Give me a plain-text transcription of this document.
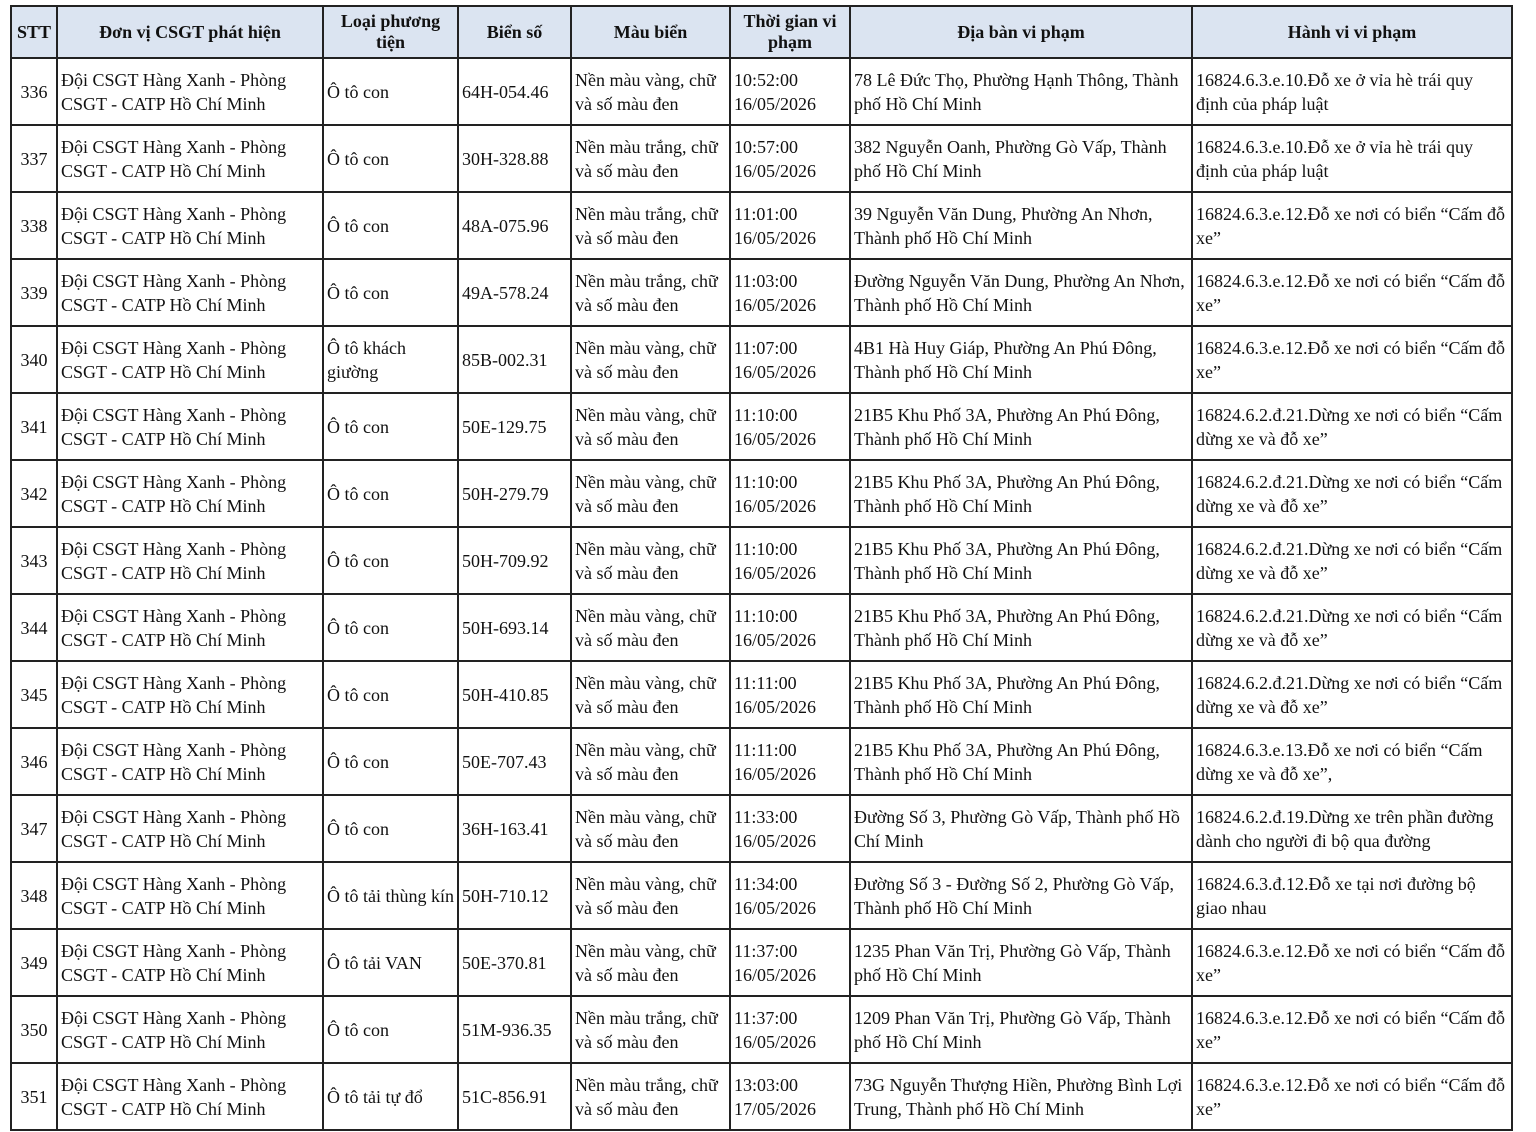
STT	Đơn vị CSGT phát hiện	Loại phương tiện	Biển số	Màu biển	Thời gian vi phạm	Địa bàn vi phạm	Hành vi vi phạm
336	Đội CSGT Hàng Xanh - Phòng CSGT - CATP Hồ Chí Minh	Ô tô con	64H-054.46	Nền màu vàng, chữ và số màu đen	10:52:00 16/05/2026	78 Lê Đức Thọ, Phường Hạnh Thông, Thành phố Hồ Chí Minh	16824.6.3.e.10.Đỗ xe ở vỉa hè trái quy định của pháp luật
337	Đội CSGT Hàng Xanh - Phòng CSGT - CATP Hồ Chí Minh	Ô tô con	30H-328.88	Nền màu trắng, chữ và số màu đen	10:57:00 16/05/2026	382 Nguyễn Oanh, Phường Gò Vấp, Thành phố Hồ Chí Minh	16824.6.3.e.10.Đỗ xe ở vỉa hè trái quy định của pháp luật
338	Đội CSGT Hàng Xanh - Phòng CSGT - CATP Hồ Chí Minh	Ô tô con	48A-075.96	Nền màu trắng, chữ và số màu đen	11:01:00 16/05/2026	39 Nguyễn Văn Dung, Phường An Nhơn, Thành phố Hồ Chí Minh	16824.6.3.e.12.Đỗ xe nơi có biển “Cấm đỗ xe”
339	Đội CSGT Hàng Xanh - Phòng CSGT - CATP Hồ Chí Minh	Ô tô con	49A-578.24	Nền màu trắng, chữ và số màu đen	11:03:00 16/05/2026	Đường Nguyễn Văn Dung, Phường An Nhơn, Thành phố Hồ Chí Minh	16824.6.3.e.12.Đỗ xe nơi có biển “Cấm đỗ xe”
340	Đội CSGT Hàng Xanh - Phòng CSGT - CATP Hồ Chí Minh	Ô tô khách giường	85B-002.31	Nền màu vàng, chữ và số màu đen	11:07:00 16/05/2026	4B1 Hà Huy Giáp, Phường An Phú Đông, Thành phố Hồ Chí Minh	16824.6.3.e.12.Đỗ xe nơi có biển “Cấm đỗ xe”
341	Đội CSGT Hàng Xanh - Phòng CSGT - CATP Hồ Chí Minh	Ô tô con	50E-129.75	Nền màu vàng, chữ và số màu đen	11:10:00 16/05/2026	21B5 Khu Phố 3A, Phường An Phú Đông, Thành phố Hồ Chí Minh	16824.6.2.đ.21.Dừng xe nơi có biển “Cấm dừng xe và đỗ xe”
342	Đội CSGT Hàng Xanh - Phòng CSGT - CATP Hồ Chí Minh	Ô tô con	50H-279.79	Nền màu vàng, chữ và số màu đen	11:10:00 16/05/2026	21B5 Khu Phố 3A, Phường An Phú Đông, Thành phố Hồ Chí Minh	16824.6.2.đ.21.Dừng xe nơi có biển “Cấm dừng xe và đỗ xe”
343	Đội CSGT Hàng Xanh - Phòng CSGT - CATP Hồ Chí Minh	Ô tô con	50H-709.92	Nền màu vàng, chữ và số màu đen	11:10:00 16/05/2026	21B5 Khu Phố 3A, Phường An Phú Đông, Thành phố Hồ Chí Minh	16824.6.2.đ.21.Dừng xe nơi có biển “Cấm dừng xe và đỗ xe”
344	Đội CSGT Hàng Xanh - Phòng CSGT - CATP Hồ Chí Minh	Ô tô con	50H-693.14	Nền màu vàng, chữ và số màu đen	11:10:00 16/05/2026	21B5 Khu Phố 3A, Phường An Phú Đông, Thành phố Hồ Chí Minh	16824.6.2.đ.21.Dừng xe nơi có biển “Cấm dừng xe và đỗ xe”
345	Đội CSGT Hàng Xanh - Phòng CSGT - CATP Hồ Chí Minh	Ô tô con	50H-410.85	Nền màu vàng, chữ và số màu đen	11:11:00 16/05/2026	21B5 Khu Phố 3A, Phường An Phú Đông, Thành phố Hồ Chí Minh	16824.6.2.đ.21.Dừng xe nơi có biển “Cấm dừng xe và đỗ xe”
346	Đội CSGT Hàng Xanh - Phòng CSGT - CATP Hồ Chí Minh	Ô tô con	50E-707.43	Nền màu vàng, chữ và số màu đen	11:11:00 16/05/2026	21B5 Khu Phố 3A, Phường An Phú Đông, Thành phố Hồ Chí Minh	16824.6.3.e.13.Đỗ xe nơi có biển “Cấm dừng xe và đỗ xe”,
347	Đội CSGT Hàng Xanh - Phòng CSGT - CATP Hồ Chí Minh	Ô tô con	36H-163.41	Nền màu vàng, chữ và số màu đen	11:33:00 16/05/2026	Đường Số 3, Phường Gò Vấp, Thành phố Hồ Chí Minh	16824.6.2.đ.19.Dừng xe trên phần đường dành cho người đi bộ qua đường
348	Đội CSGT Hàng Xanh - Phòng CSGT - CATP Hồ Chí Minh	Ô tô tải thùng kín	50H-710.12	Nền màu vàng, chữ và số màu đen	11:34:00 16/05/2026	Đường Số 3 - Đường Số 2, Phường Gò Vấp, Thành phố Hồ Chí Minh	16824.6.3.đ.12.Đỗ xe tại nơi đường bộ giao nhau
349	Đội CSGT Hàng Xanh - Phòng CSGT - CATP Hồ Chí Minh	Ô tô tải VAN	50E-370.81	Nền màu vàng, chữ và số màu đen	11:37:00 16/05/2026	1235 Phan Văn Trị, Phường Gò Vấp, Thành phố Hồ Chí Minh	16824.6.3.e.12.Đỗ xe nơi có biển “Cấm đỗ xe”
350	Đội CSGT Hàng Xanh - Phòng CSGT - CATP Hồ Chí Minh	Ô tô con	51M-936.35	Nền màu trắng, chữ và số màu đen	11:37:00 16/05/2026	1209 Phan Văn Trị, Phường Gò Vấp, Thành phố Hồ Chí Minh	16824.6.3.e.12.Đỗ xe nơi có biển “Cấm đỗ xe”
351	Đội CSGT Hàng Xanh - Phòng CSGT - CATP Hồ Chí Minh	Ô tô tải tự đổ	51C-856.91	Nền màu trắng, chữ và số màu đen	13:03:00 17/05/2026	73G Nguyễn Thượng Hiền, Phường Bình Lợi Trung, Thành phố Hồ Chí Minh	16824.6.3.e.12.Đỗ xe nơi có biển “Cấm đỗ xe”
